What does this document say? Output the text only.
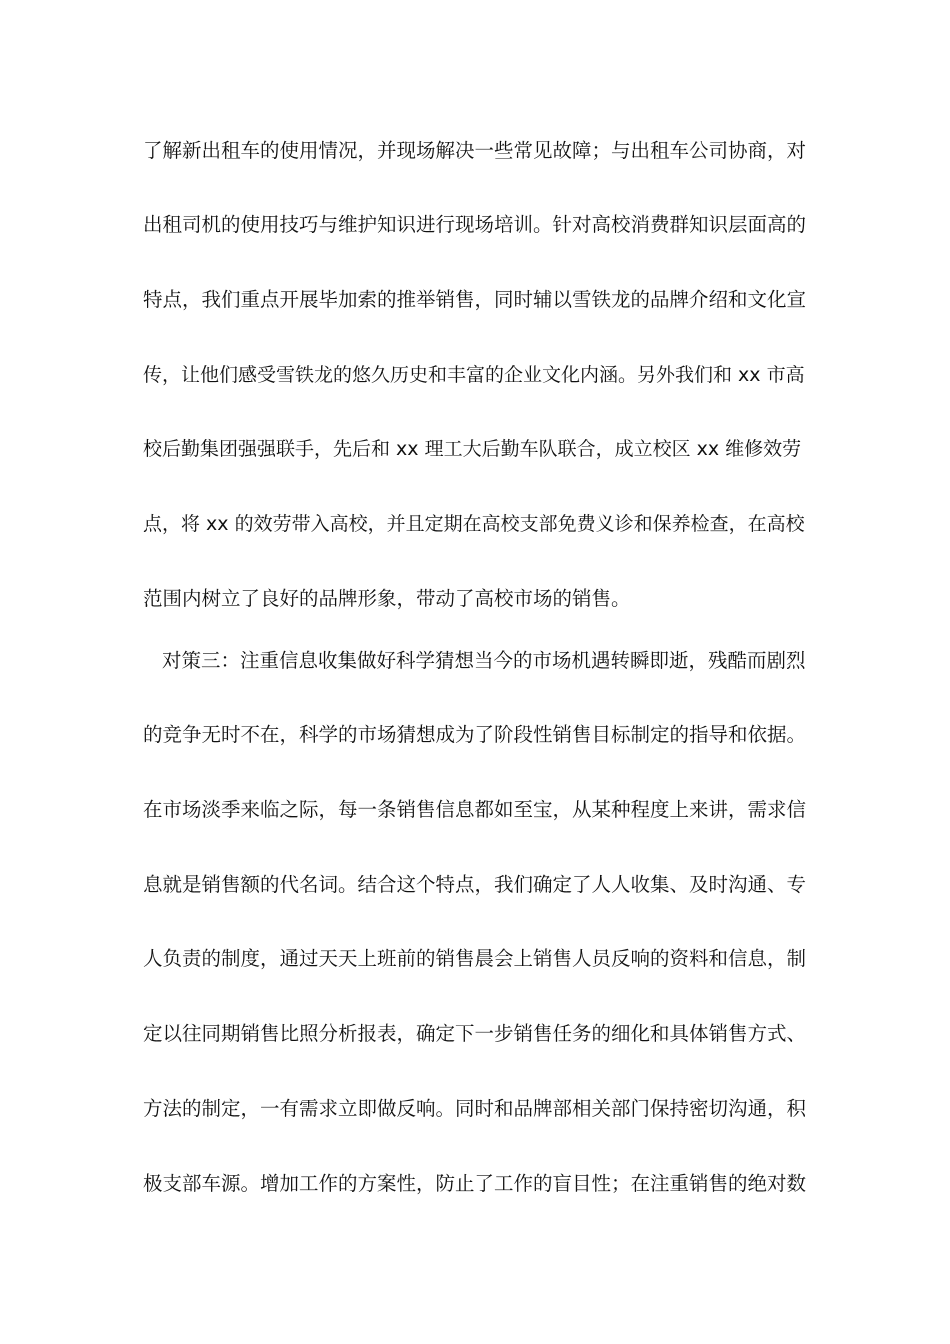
了解新出租车的使用情况，并现场解决一些常见故障；与出租车公司协商，对
出租司机的使用技巧与维护知识进行现场培训。针对高校消费群知识层面高的
特点，我们重点开展毕加索的推举销售，同时辅以雪铁龙的品牌介绍和文化宣
传，让他们感受雪铁龙的悠久历史和丰富的企业文化内涵。另外我们和 xx 市高
校后勤集团强强联手，先后和 xx 理工大后勤车队联合，成立校区 xx 维修效劳
点，将 xx 的效劳带入高校，并且定期在高校支部免费义诊和保养检查，在高校
范围内树立了良好的品牌形象，带动了高校市场的销售。
对策三：注重信息收集做好科学猜想当今的市场机遇转瞬即逝，残酷而剧烈
的竞争无时不在，科学的市场猜想成为了阶段性销售目标制定的指导和依据。
在市场淡季来临之际，每一条销售信息都如至宝，从某种程度上来讲，需求信
息就是销售额的代名词。结合这个特点，我们确定了人人收集、及时沟通、专
人负责的制度，通过天天上班前的销售晨会上销售人员反响的资料和信息，制
定以往同期销售比照分析报表，确定下一步销售任务的细化和具体销售方式、
方法的制定，一有需求立即做反响。同时和品牌部相关部门保持密切沟通，积
极支部车源。增加工作的方案性，防止了工作的盲目性；在注重销售的绝对数
